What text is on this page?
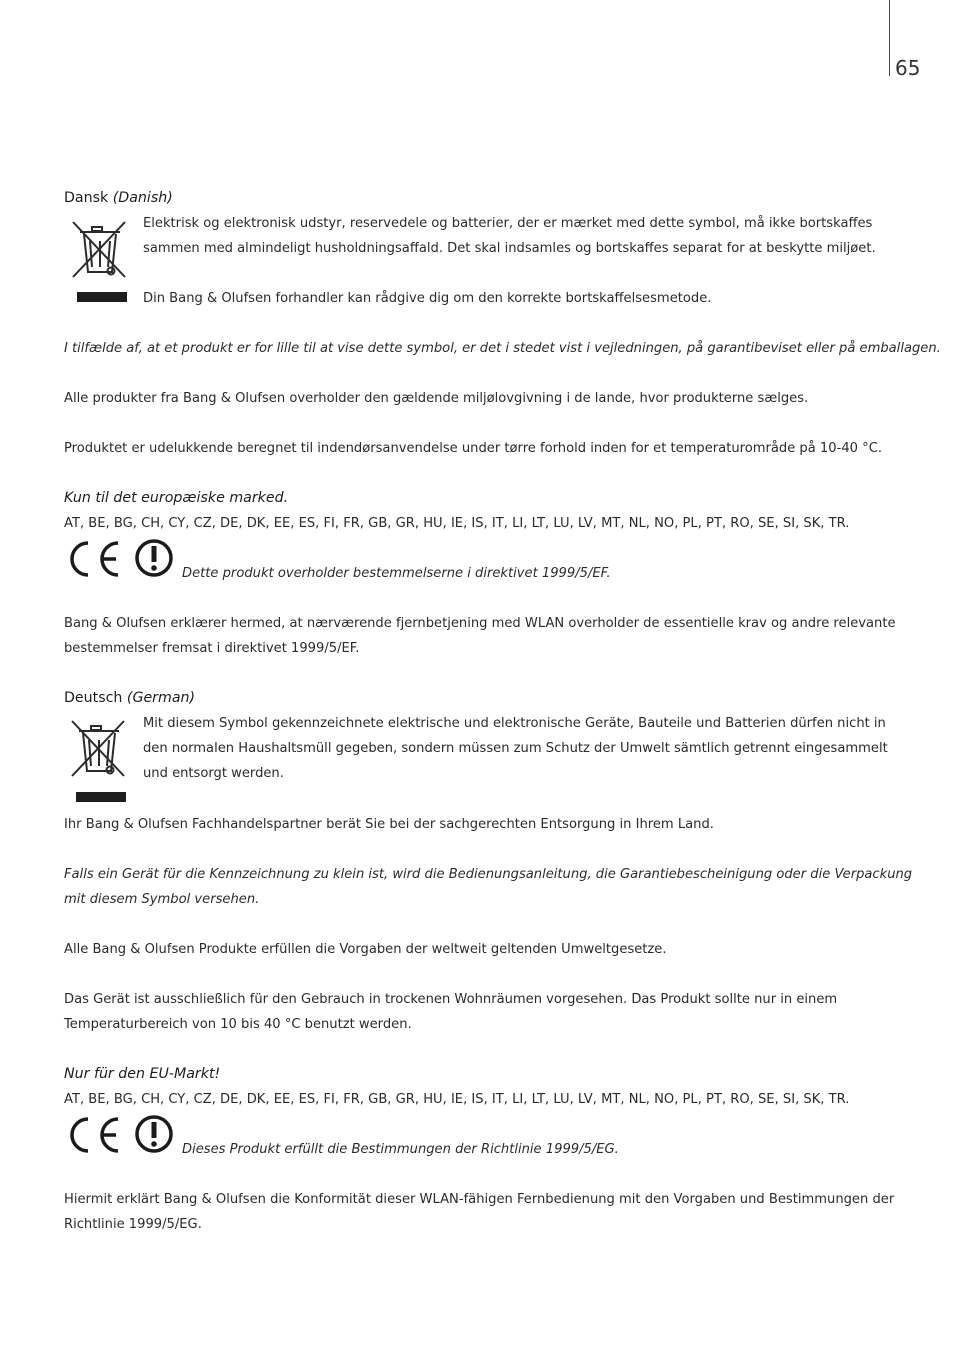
65
Dansk (Danish)
Elektrisk og elektronisk udstyr, reservedele og batterier, der er mærket med dette symbol, må ikke bortskaffes
sammen med almindeligt husholdningsaffald. Det skal indsamles og bortskaffes separat for at beskytte miljøet.
Din Bang & Olufsen forhandler kan rådgive dig om den korrekte bortskaffelsesmetode.
I tilfælde af, at et produkt er for lille til at vise dette symbol, er det i stedet vist i vejledningen, på garantibeviset eller på emballagen.
Alle produkter fra Bang & Olufsen overholder den gældende miljølovgivning i de lande, hvor produkterne sælges.
Produktet er udelukkende beregnet til indendørsanvendelse under tørre forhold inden for et temperaturområde på 10-40 °C.
Kun til det europæiske marked.
AT, BE, BG, CH, CY, CZ, DE, DK, EE, ES, FI, FR, GB, GR, HU, IE, IS, IT, LI, LT, LU, LV, MT, NL, NO, PL, PT, RO, SE, SI, SK, TR.
Dette produkt overholder bestemmelserne i direktivet 1999/5/EF.
Bang & Olufsen erklærer hermed, at nærværende fjernbetjening med WLAN overholder de essentielle krav og andre relevante
bestemmelser fremsat i direktivet 1999/5/EF.
Deutsch (German)
Mit diesem Symbol gekennzeichnete elektrische und elektronische Geräte, Bauteile und Batterien dürfen nicht in
den normalen Haushaltsmüll gegeben, sondern müssen zum Schutz der Umwelt sämtlich getrennt eingesammelt
und entsorgt werden.
Ihr Bang & Olufsen Fachhandelspartner berät Sie bei der sachgerechten Entsorgung in Ihrem Land.
Falls ein Gerät für die Kennzeichnung zu klein ist, wird die Bedienungsanleitung, die Garantiebescheinigung oder die Verpackung
mit diesem Symbol versehen.
Alle Bang & Olufsen Produkte erfüllen die Vorgaben der weltweit geltenden Umweltgesetze.
Das Gerät ist ausschließlich für den Gebrauch in trockenen Wohnräumen vorgesehen. Das Produkt sollte nur in einem
Temperaturbereich von 10 bis 40 °C benutzt werden.
Nur für den EU-Markt!
AT, BE, BG, CH, CY, CZ, DE, DK, EE, ES, FI, FR, GB, GR, HU, IE, IS, IT, LI, LT, LU, LV, MT, NL, NO, PL, PT, RO, SE, SI, SK, TR.
Dieses Produkt erfüllt die Bestimmungen der Richtlinie 1999/5/EG.
Hiermit erklärt Bang & Olufsen die Konformität dieser WLAN-fähigen Fernbedienung mit den Vorgaben und Bestimmungen der
Richtlinie 1999/5/EG.
